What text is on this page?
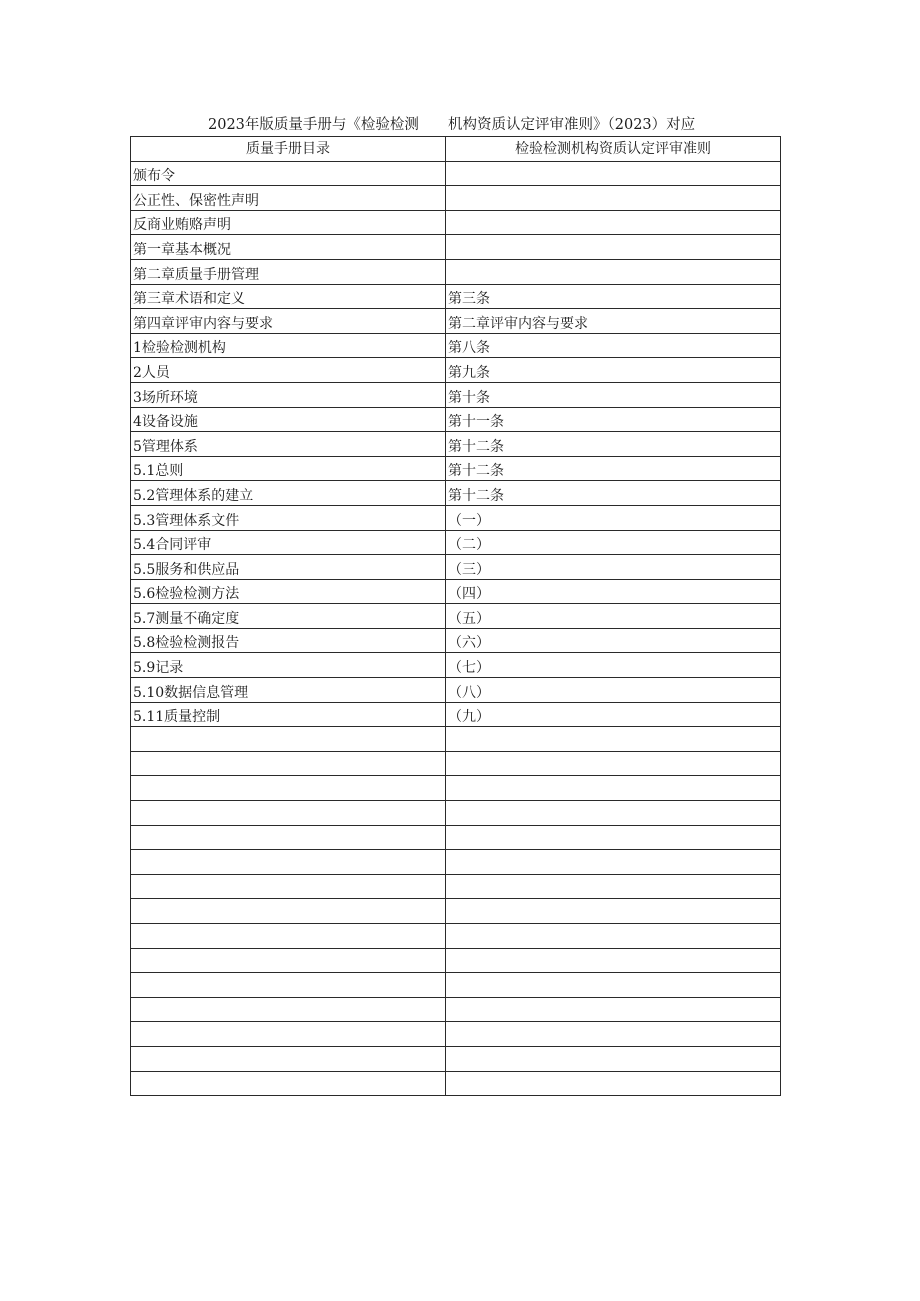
2023年版质量手册与《检验检测 机构资质认定评审准则》（2023）对应
质量手册目录	检验检测机构资质认定评审准则
颁布令	
公正性、保密性声明	
反商业贿赂声明	
第一章基本概况	
第二章质量手册管理	
第三章术语和定义	第三条
第四章评审内容与要求	第二章评审内容与要求
1检验检测机构	第八条
2人员	第九条
3场所环境	第十条
4设备设施	第十一条
5管理体系	第十二条
5.1总则	第十二条
5.2管理体系的建立	第十二条
5.3管理体系文件	（一）
5.4合同评审	（二）
5.5服务和供应品	（三）
5.6检验检测方法	（四）
5.7测量不确定度	（五）
5.8检验检测报告	（六）
5.9记录	（七）
5.10数据信息管理	（八）
5.11质量控制	（九）
